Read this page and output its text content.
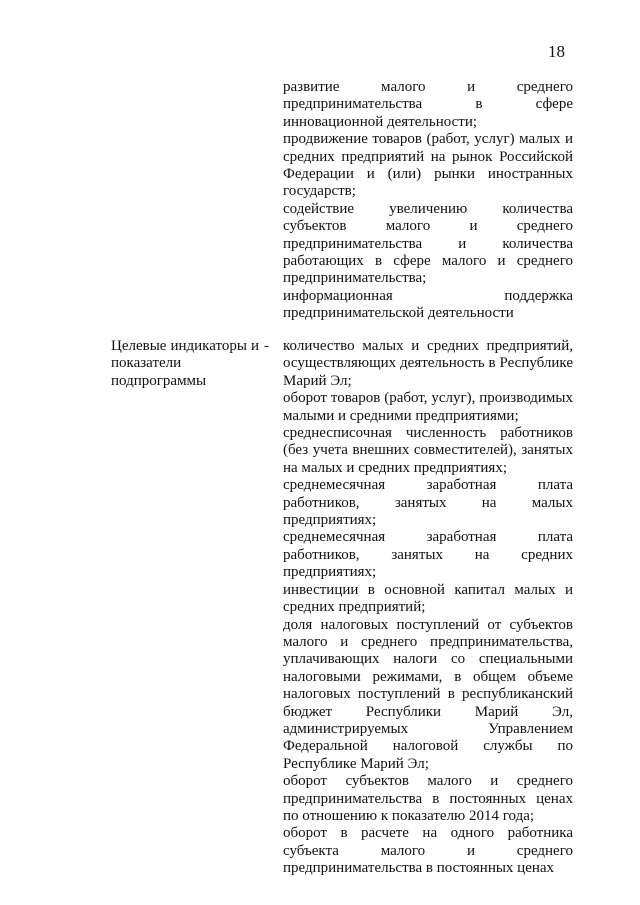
18

развитие малого и среднего предпринимательства в сфере инновационной деятельности;

продвижение товаров (работ, услуг) малых и средних предприятий на рынок Российской Федерации и (или) рынки иностранных государств;

содействие увеличению количества субъектов малого и среднего предпринимательства и количества работающих в сфере малого и среднего предпринимательства;

информационная поддержка предпринимательской деятельности

Целевые индикаторы и показатели подпрограммы
- количество малых и средних предприятий, осуществляющих деятельность в Республике Марий Эл;

оборот товаров (работ, услуг), производимых малыми и средними предприятиями;

среднесписочная численность работников (без учета внешних совместителей), занятых на малых и средних предприятиях;

среднемесячная заработная плата работников, занятых на малых предприятиях;

среднемесячная заработная плата работников, занятых на средних предприятиях;

инвестиции в основной капитал малых и средних предприятий;

доля налоговых поступлений от субъектов малого и среднего предпринимательства, уплачивающих налоги со специальными налоговыми режимами, в общем объеме налоговых поступлений в республиканский бюджет Республики Марий Эл, администрируемых Управлением Федеральной налоговой службы по Республике Марий Эл;

оборот субъектов малого и среднего предпринимательства в постоянных ценах по отношению к показателю 2014 года;

оборот в расчете на одного работника субъекта малого и среднего предпринимательства в постоянных ценах
